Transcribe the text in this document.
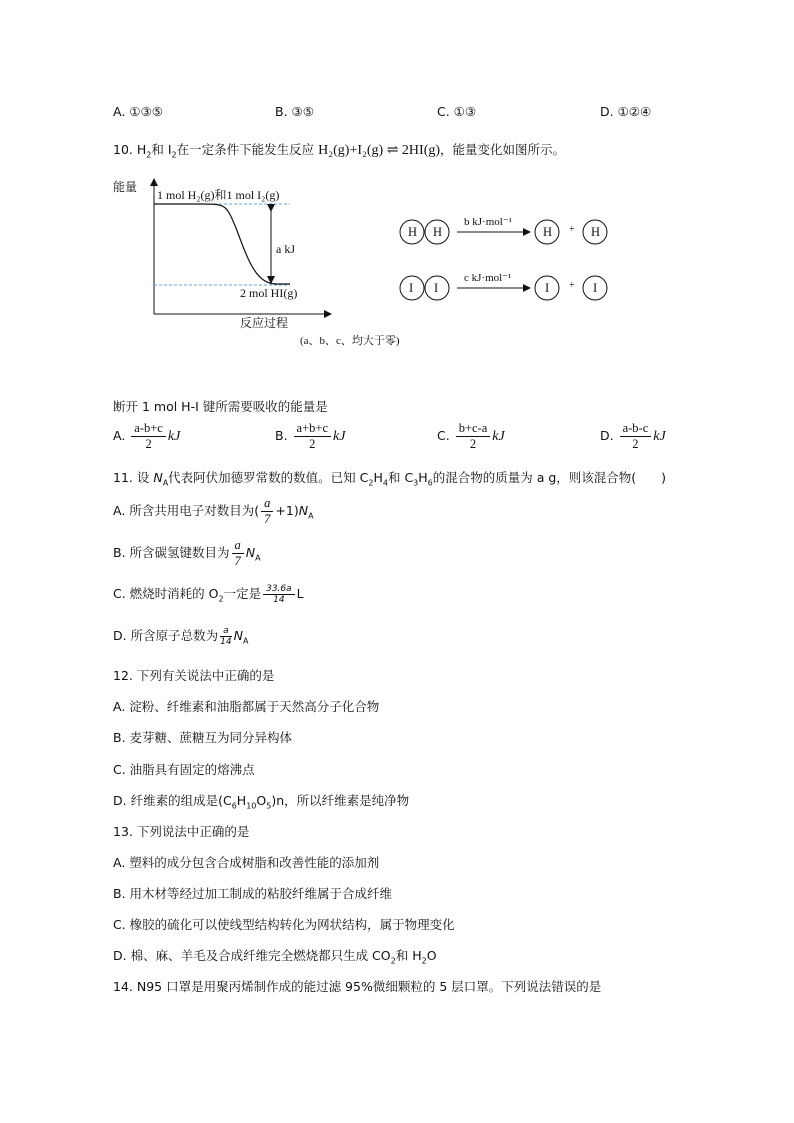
A. ①③⑤	B. ③⑤	C. ①③	D. ①②④
10. $H_2$和 $I_2$在一定条件下能发生反应 H₂(g)+I₂(g) ⇌ 2HI(g)，能量变化如图所示。
能量
1 mol H₂(g)和1 mol I₂(g)
a kJ
2 mol HI(g)
反应过程
(a、b、c、均大于零)
H H	H + H
I I	I + I
b kJ·mol⁻¹
c kJ·mol⁻¹
断开 1 mol H-I 键所需要吸收的能量是
A. $\frac{a-b+c}{2}$ kJ	B. $\frac{a+b+c}{2}$ kJ	C. $\frac{b+c-a}{2}$ kJ	D. $\frac{a-b-c}{2}$ kJ
11. 设 $N_A$代表阿伏加德罗常数的数值。已知 $C_2H_4$和 $C_3H_6$的混合物的质量为 a g，则该混合物(　　)
A. 所含共用电子对数目为( $\frac{a}{7} +1)N_A$
B. 所含碳氢键数目为 $\frac{a}{7} N_A$
C. 燃烧时消耗的 $O_2$一定是 $\frac{33.6a}{14}$ L
D. 所含原子总数为 $\frac{a}{14} N_A$
12. 下列有关说法中正确的是
A. 淀粉、纤维素和油脂都属于天然高分子化合物
B. 麦芽糖、蔗糖互为同分异构体
C. 油脂具有固定的熔沸点
D. 纤维素的组成是$(C_6H_{10}O_5)n$，所以纤维素是纯净物
13. 下列说法中正确的是
A. 塑料的成分包含合成树脂和改善性能的添加剂
B. 用木材等经过加工制成的粘胶纤维属于合成纤维
C. 橡胶的硫化可以使线型结构转化为网状结构，属于物理变化
D. 棉、麻、羊毛及合成纤维完全燃烧都只生成 $CO_2$和 $H_2O$
14. N95 口罩是用聚丙烯制作成的能过滤 95%微细颗粒的 5 层口罩。下列说法错误的是
